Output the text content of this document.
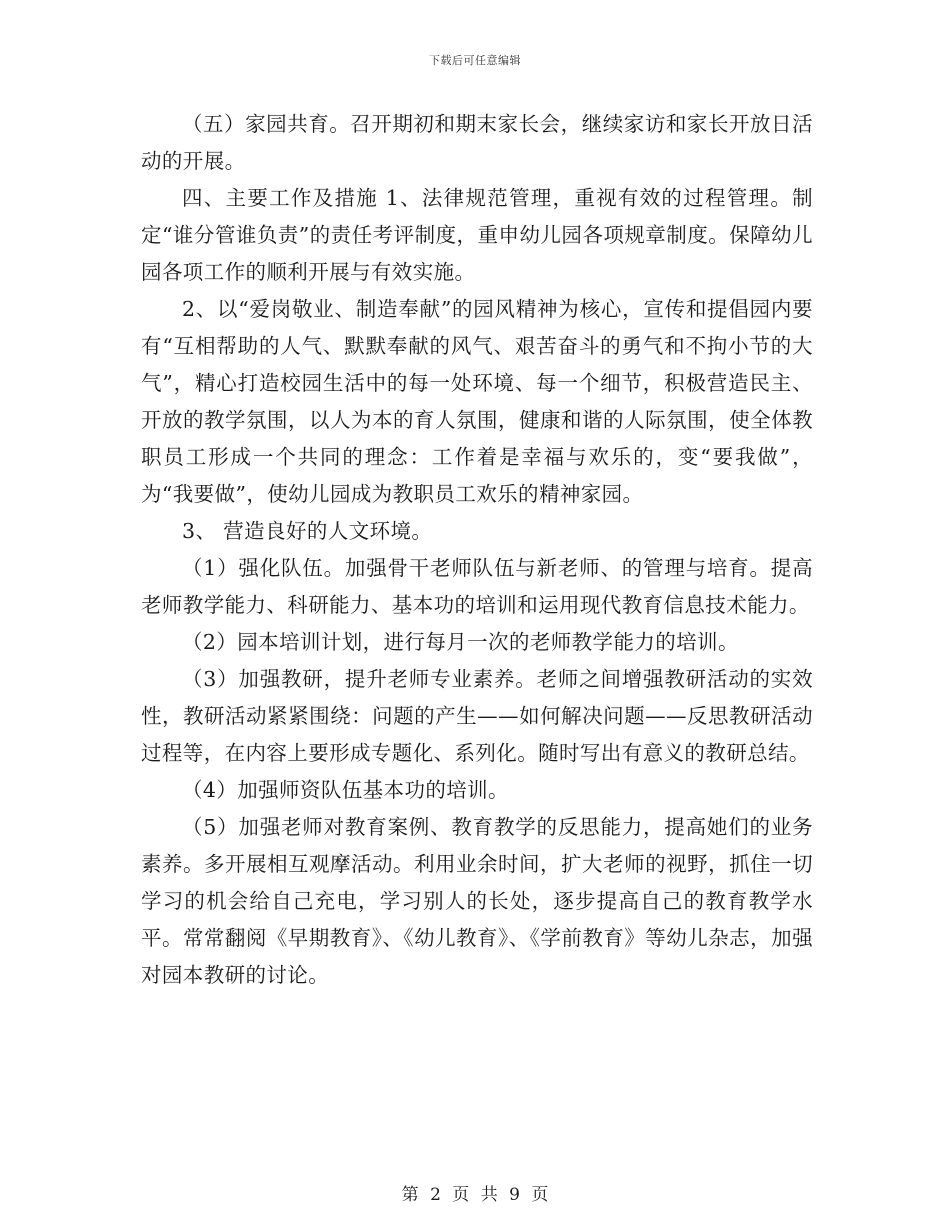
下载后可任意编辑

（五）家园共育。召开期初和期末家长会，继续家访和家长开放日活动的开展。

四、主要工作及措施 1、法律规范管理，重视有效的过程管理。制定“谁分管谁负责”的责任考评制度，重申幼儿园各项规章制度。保障幼儿园各项工作的顺利开展与有效实施。

2、以“爱岗敬业、制造奉献”的园风精神为核心，宣传和提倡园内要有“互相帮助的人气、默默奉献的风气、艰苦奋斗的勇气和不拘小节的大气”，精心打造校园生活中的每一处环境、每一个细节，积极营造民主、开放的教学氛围，以人为本的育人氛围，健康和谐的人际氛围，使全体教职员工形成一个共同的理念：工作着是幸福与欢乐的，变“要我做”，为“我要做”，使幼儿园成为教职员工欢乐的精神家园。

3、 营造良好的人文环境。

（1）强化队伍。加强骨干老师队伍与新老师、的管理与培育。提高老师教学能力、科研能力、基本功的培训和运用现代教育信息技术能力。

（2）园本培训计划，进行每月一次的老师教学能力的培训。

（3）加强教研，提升老师专业素养。老师之间增强教研活动的实效性，教研活动紧紧围绕：问题的产生——如何解决问题——反思教研活动过程等，在内容上要形成专题化、系列化。随时写出有意义的教研总结。

（4）加强师资队伍基本功的培训。

（5）加强老师对教育案例、教育教学的反思能力，提高她们的业务素养。多开展相互观摩活动。利用业余时间，扩大老师的视野，抓住一切学习的机会给自己充电，学习别人的长处，逐步提高自己的教育教学水平。常常翻阅《早期教育》、《幼儿教育》、《学前教育》等幼儿杂志，加强对园本教研的讨论。

第 2 页 共 9 页
